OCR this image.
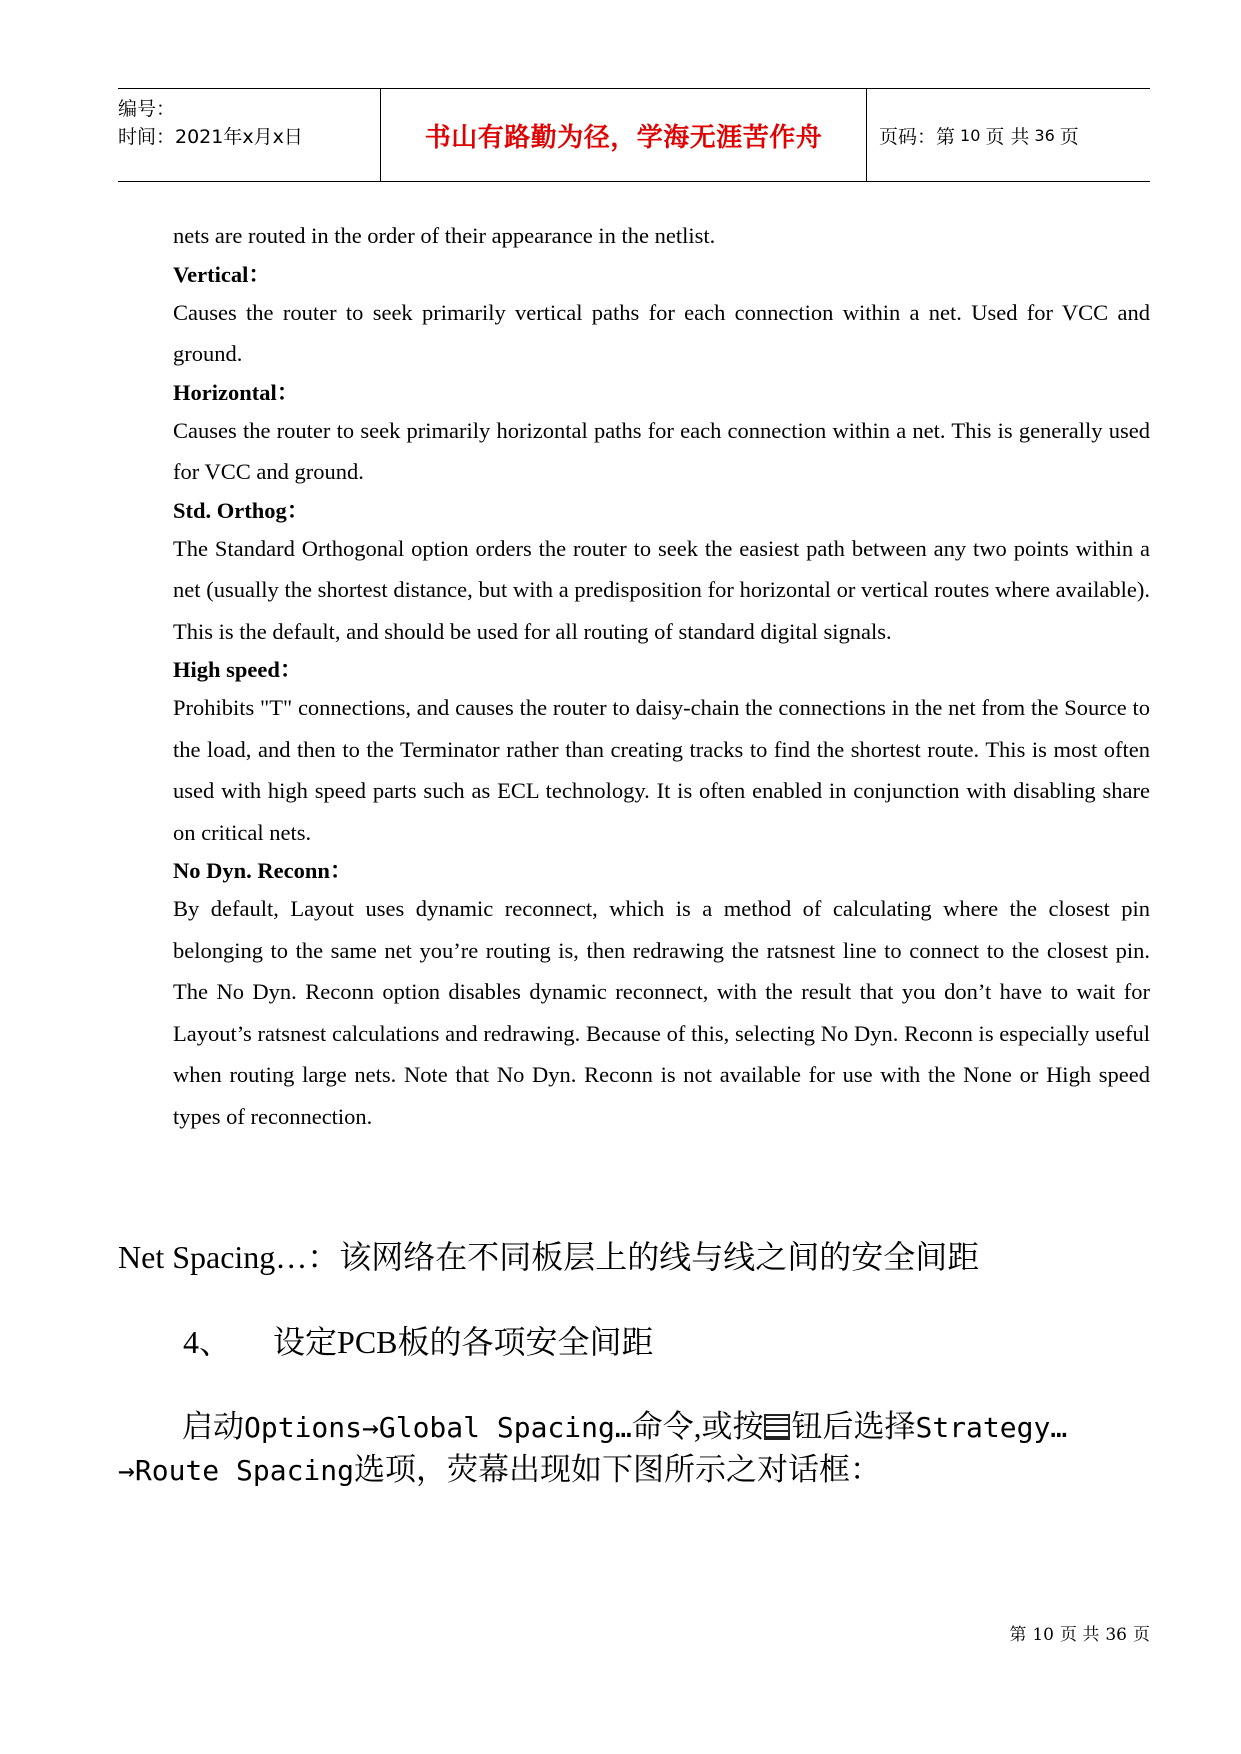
编号：
时间：2021年x月x日	书山有路勤为径，学海无涯苦作舟	页码：第 10 页 共 36 页

nets are routed in the order of their appearance in the netlist.

Vertical：

Causes the router to seek primarily vertical paths for each connection within a net. Used for VCC and ground.

Horizontal：

Causes the router to seek primarily horizontal paths for each connection within a net. This is generally used for VCC and ground.

Std. Orthog：

The Standard Orthogonal option orders the router to seek the easiest path between any two points within a net (usually the shortest distance, but with a predisposition for horizontal or vertical routes where available). This is the default, and should be used for all routing of standard digital signals.

High speed：

Prohibits "T" connections, and causes the router to daisy-chain the connections in the net from the Source to the load, and then to the Terminator rather than creating tracks to find the shortest route. This is most often used with high speed parts such as ECL technology. It is often enabled in conjunction with disabling share on critical nets.

No Dyn. Reconn：

By default, Layout uses dynamic reconnect, which is a method of calculating where the closest pin belonging to the same net you’re routing is, then redrawing the ratsnest line to connect to the closest pin. The No Dyn. Reconn option disables dynamic reconnect, with the result that you don’t have to wait for Layout’s ratsnest calculations and redrawing. Because of this, selecting No Dyn. Reconn is especially useful when routing large nets. Note that No Dyn. Reconn is not available for use with the None or High speed types of reconnection.

Net Spacing…：该网络在不同板层上的线与线之间的安全间距
4、 设定PCB板的各项安全间距
启动Options→Global Spacing…命令,或按 钮后选择Strategy…
→Route Spacing选项，荧幕出现如下图所示之对话框：
第 10 页 共 36 页
